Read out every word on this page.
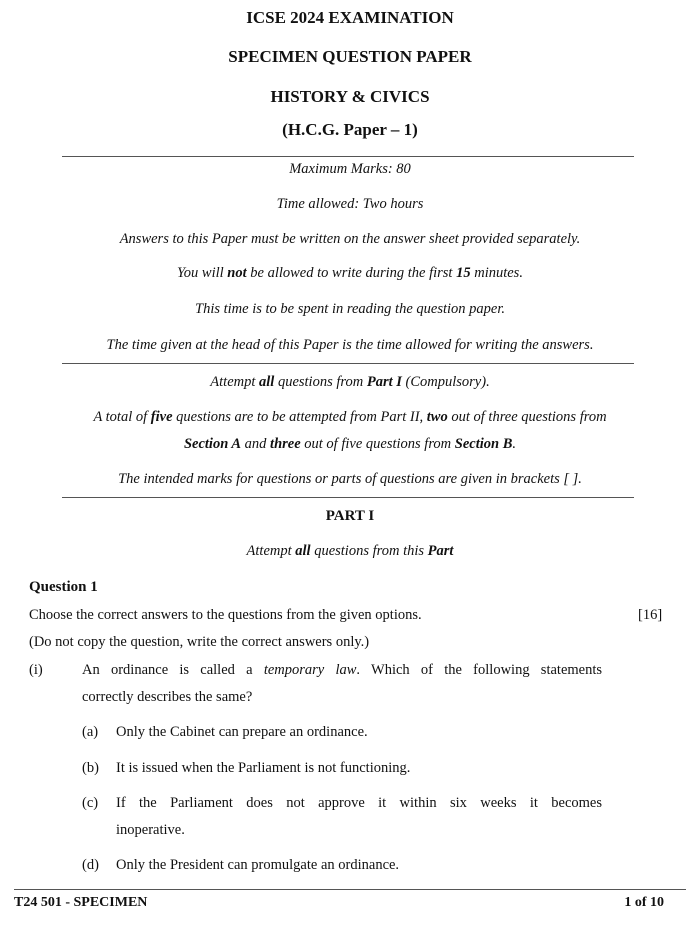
ICSE 2024 EXAMINATION
SPECIMEN QUESTION PAPER
HISTORY & CIVICS
(H.C.G. Paper – 1)
Maximum Marks: 80
Time allowed: Two hours
Answers to this Paper must be written on the answer sheet provided separately.
You will not be allowed to write during the first 15 minutes.
This time is to be spent in reading the question paper.
The time given at the head of this Paper is the time allowed for writing the answers.
Attempt all questions from Part I (Compulsory).
A total of five questions are to be attempted from Part II, two out of three questions from
Section A and three out of five questions from Section B.
The intended marks for questions or parts of questions are given in brackets [ ].
PART I
Attempt all questions from this Part
Question 1
Choose the correct answers to the questions from the given options.	[16]
(Do not copy the question, write the correct answers only.)
(i)	An ordinance is called a temporary law. Which of the following statements
correctly describes the same?
(a) Only the Cabinet can prepare an ordinance.
(b) It is issued when the Parliament is not functioning.
(c) If the Parliament does not approve it within six weeks it becomes
inoperative.
(d) Only the President can promulgate an ordinance.
T24 501 - SPECIMEN	1 of 10
